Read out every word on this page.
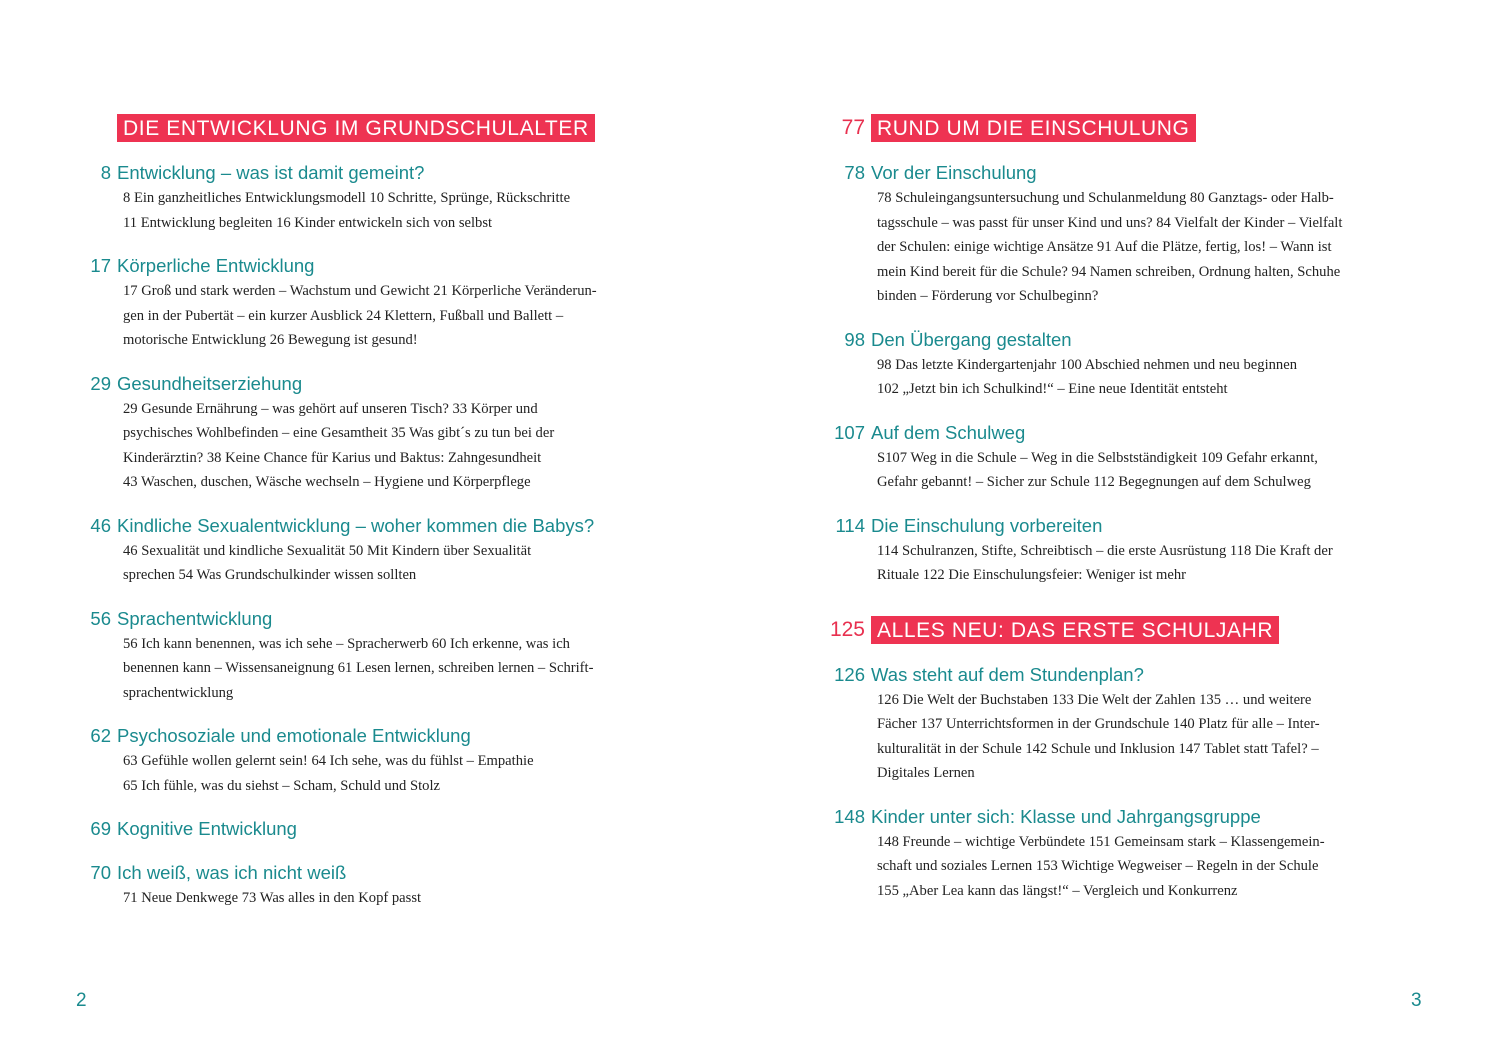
DIE ENTWICKLUNG IM GRUNDSCHULALTER
8 Entwicklung – was ist damit gemeint?
8 Ein ganzheitliches Entwicklungsmodell 10 Schritte, Sprünge, Rückschritte
11 Entwicklung begleiten 16 Kinder entwickeln sich von selbst
17 Körperliche Entwicklung
17 Groß und stark werden – Wachstum und Gewicht 21 Körperliche Veränderun-
gen in der Pubertät – ein kurzer Ausblick 24 Klettern, Fußball und Ballett –
motorische Entwicklung 26 Bewegung ist gesund!
29 Gesundheitserziehung
29 Gesunde Ernährung – was gehört auf unseren Tisch? 33 Körper und
psychisches Wohlbefinden – eine Gesamtheit 35 Was gibt´s zu tun bei der
Kinderärztin? 38 Keine Chance für Karius und Baktus: Zahngesundheit
43 Waschen, duschen, Wäsche wechseln – Hygiene und Körperpflege
46 Kindliche Sexualentwicklung – woher kommen die Babys?
46 Sexualität und kindliche Sexualität 50 Mit Kindern über Sexualität
sprechen 54 Was Grundschulkinder wissen sollten
56 Sprachentwicklung
56 Ich kann benennen, was ich sehe – Spracherwerb 60 Ich erkenne, was ich
benennen kann – Wissensaneignung 61 Lesen lernen, schreiben lernen – Schrift-
sprachentwicklung
62 Psychosoziale und emotionale Entwicklung
63 Gefühle wollen gelernt sein! 64 Ich sehe, was du fühlst – Empathie
65 Ich fühle, was du siehst – Scham, Schuld und Stolz
69 Kognitive Entwicklung
70 Ich weiß, was ich nicht weiß
71 Neue Denkwege 73 Was alles in den Kopf passt
77 RUND UM DIE EINSCHULUNG
78 Vor der Einschulung
78 Schuleingangsuntersuchung und Schulanmeldung 80 Ganztags- oder Halb-
tagsschule – was passt für unser Kind und uns? 84 Vielfalt der Kinder – Vielfalt
der Schulen: einige wichtige Ansätze 91 Auf die Plätze, fertig, los! – Wann ist
mein Kind bereit für die Schule? 94 Namen schreiben, Ordnung halten, Schuhe
binden – Förderung vor Schulbeginn?
98 Den Übergang gestalten
98 Das letzte Kindergartenjahr 100 Abschied nehmen und neu beginnen
102 „Jetzt bin ich Schulkind!“ – Eine neue Identität entsteht
107 Auf dem Schulweg
S107 Weg in die Schule – Weg in die Selbstständigkeit 109 Gefahr erkannt,
Gefahr gebannt! – Sicher zur Schule 112 Begegnungen auf dem Schulweg
114 Die Einschulung vorbereiten
114 Schulranzen, Stifte, Schreibtisch – die erste Ausrüstung 118 Die Kraft der
Rituale 122 Die Einschulungsfeier: Weniger ist mehr
125 ALLES NEU: DAS ERSTE SCHULJAHR
126 Was steht auf dem Stundenplan?
126 Die Welt der Buchstaben 133 Die Welt der Zahlen 135 … und weitere
Fächer 137 Unterrichtsformen in der Grundschule 140 Platz für alle – Inter-
kulturalität in der Schule 142 Schule und Inklusion 147 Tablet statt Tafel? –
Digitales Lernen
148 Kinder unter sich: Klasse und Jahrgangsgruppe
148 Freunde – wichtige Verbündete 151 Gemeinsam stark – Klassengemein-
schaft und soziales Lernen 153 Wichtige Wegweiser – Regeln in der Schule
155 „Aber Lea kann das längst!“ – Vergleich und Konkurrenz
2	3
